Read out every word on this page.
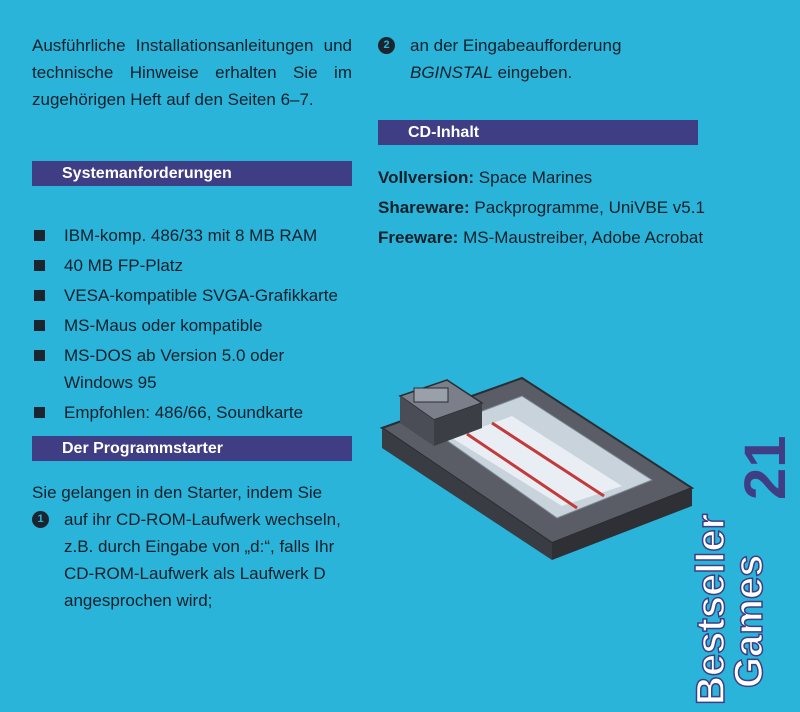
Ausführliche Installationsanleitungen und technische Hinweise erhalten Sie im zugehörigen Heft auf den Seiten 6–7.

Systemanforderungen
IBM-komp. 486/33 mit 8 MB RAM
40 MB FP-Platz
VESA-kompatible SVGA-Grafikkarte
MS-Maus oder kompatible
MS-DOS ab Version 5.0 oder Windows 95
Empfohlen: 486/66, Soundkarte
Der Programmstarter

Sie gelangen in den Starter, indem Sie

1	auf ihr CD-ROM-Laufwerk wechseln, z.B. durch Eingabe von „d:“, falls Ihr CD-ROM-Laufwerk als Laufwerk D angesprochen wird;
2	an der Eingabeaufforderung
BGINSTAL eingeben.
CD-Inhalt
Vollversion: Space Marines
Shareware: Packprogramme, UniVBE v5.1
Freeware: MS-Maustreiber, Adobe Acrobat
Bestseller
Games
21
